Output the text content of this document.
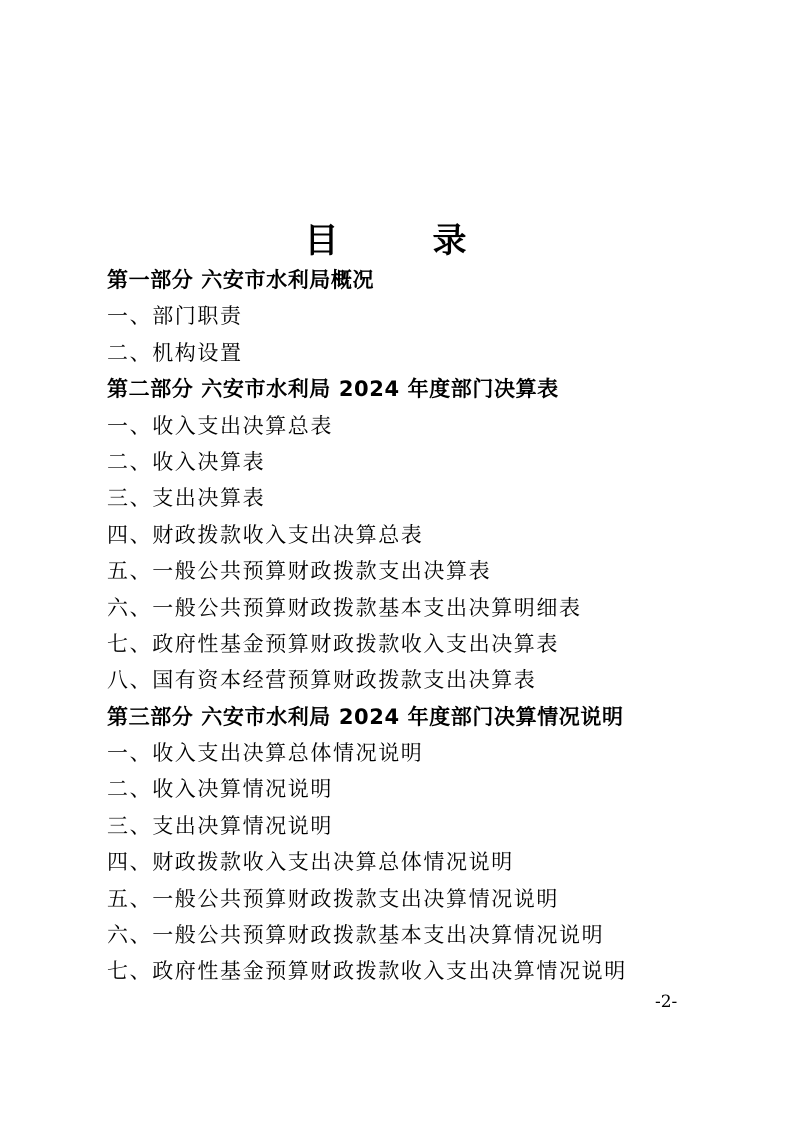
目　录
第一部分 六安市水利局概况
一、部门职责
二、机构设置
第二部分 六安市水利局 2024 年度部门决算表
一、收入支出决算总表
二、收入决算表
三、支出决算表
四、财政拨款收入支出决算总表
五、一般公共预算财政拨款支出决算表
六、一般公共预算财政拨款基本支出决算明细表
七、政府性基金预算财政拨款收入支出决算表
八、国有资本经营预算财政拨款支出决算表
第三部分 六安市水利局 2024 年度部门决算情况说明
一、收入支出决算总体情况说明
二、收入决算情况说明
三、支出决算情况说明
四、财政拨款收入支出决算总体情况说明
五、一般公共预算财政拨款支出决算情况说明
六、一般公共预算财政拨款基本支出决算情况说明
七、政府性基金预算财政拨款收入支出决算情况说明
-2-
